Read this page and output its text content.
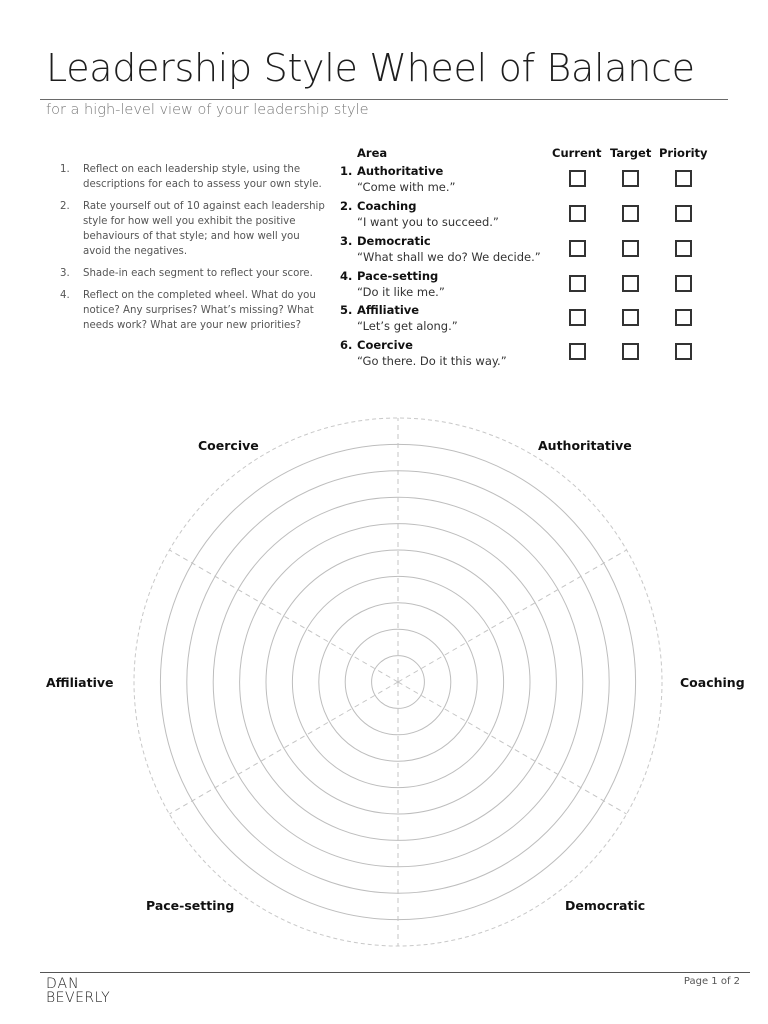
Leadership Style Wheel of Balance
for a high-level view of your leadership style
1.	Reflect on each leadership style, using the descriptions for each to assess your own style.
2.	Rate yourself out of 10 against each leadership style for how well you exhibit the positive behaviours of that style; and how well you avoid the negatives.
3.	Shade-in each segment to reflect your score.
4.	Reflect on the completed wheel. What do you notice? Any surprises? What’s missing? What needs work? What are your new priorities?
Area	Current Target Priority
1. Authoritative
“Come with me.”
2. Coaching
“I want you to succeed.”
3. Democratic
“What shall we do? We decide.”
4. Pace-setting
“Do it like me.”
5. Affiliative
“Let’s get along.”
6. Coercive
“Go there. Do it this way.”
Coercive	Authoritative
Affiliative	Coaching
Pace-setting	Democratic
DAN
BEVERLY
Page 1 of 2
